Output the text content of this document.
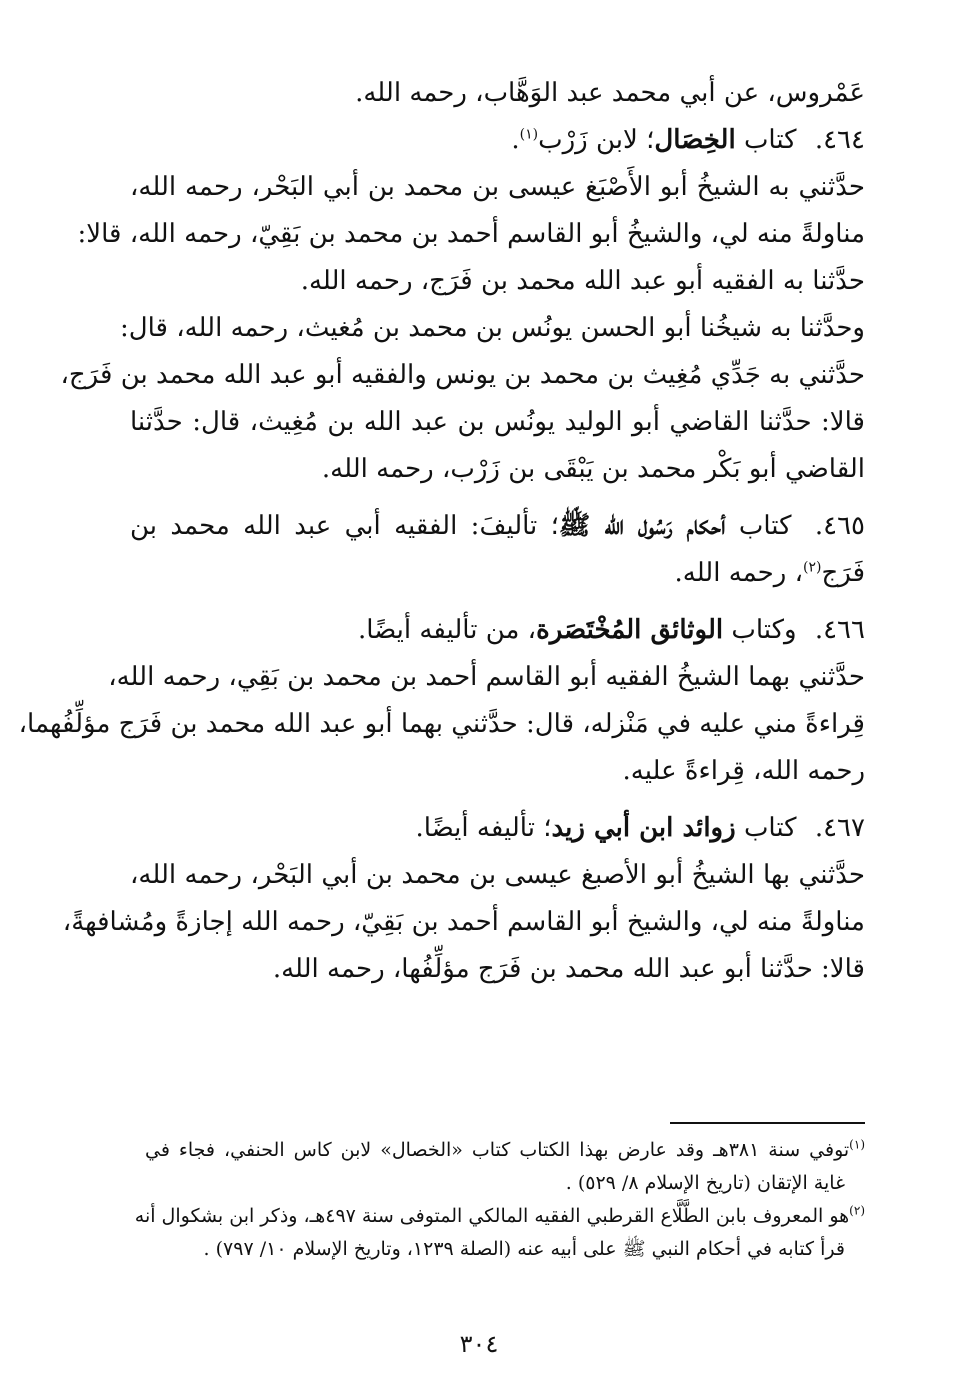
عَمْروس، عن أبي محمد عبد الوَهَّاب، رحمه الله.
٤٦٤. كتاب الخِصَال؛ لابن زَرْب$^{(١)}$.
حدَّثني به الشيخُ أبو الأَصْبَغ عيسى بن محمد بن أبي البَحْر، رحمه الله،
مناولةً منه لي، والشيخُ أبو القاسم أحمد بن محمد بن بَقِيّ، رحمه الله، قالا:
حدَّثنا به الفقيه أبو عبد الله محمد بن فَرَج، رحمه الله.
وحدَّثنا به شيخُنا أبو الحسن يونُس بن محمد بن مُغيث، رحمه الله، قال:
حدَّثني به جَدِّي مُغِيث بن محمد بن يونس والفقيه أبو عبد الله محمد بن فَرَج،
قالا: حدَّثنا القاضي أبو الوليد يونُس بن عبد الله بن مُغِيث، قال: حدَّثنا
القاضي أبو بَكْر محمد بن يَبْقَى بن زَرْب، رحمه الله.
٤٦٥. كتاب أحكام رَسُول الله ﷺ؛ تأليفَ: الفقيه أبي عبد الله محمد بن
فَرَج$^{(٢)}$، رحمه الله.
٤٦٦. وكتاب الوثائق المُخْتَصَرة، من تأليفه أيضًا.
حدَّثني بهما الشيخُ الفقيه أبو القاسم أحمد بن محمد بن بَقِي، رحمه الله،
قِراءةً مني عليه في مَنْزله، قال: حدَّثني بهما أبو عبد الله محمد بن فَرَج مؤلِّفُهما،
رحمه الله، قِراءةً عليه.
٤٦٧. كتاب زوائد ابن أبي زيد؛ تأليفه أيضًا.
حدَّثني بها الشيخُ أبو الأصبغ عيسى بن محمد بن أبي البَحْر، رحمه الله،
مناولةً منه لي، والشيخ أبو القاسم أحمد بن بَقِيّ، رحمه الله إجازةً ومُشافهةً،
قالا: حدَّثنا أبو عبد الله محمد بن فَرَج مؤلِّفُها، رحمه الله.
$^{(١)}$توفي سنة ٣٨١هـ وقد عارض بهذا الكتاب كتاب «الخصال» لابن كاس الحنفي، فجاء في
غاية الإتقان (تاريخ الإسلام ٨/ ٥٢٩) .
$^{(٢)}$هو المعروف بابن الطَّلَّاع القرطبي الفقيه المالكي المتوفى سنة ٤٩٧هـ، وذكر ابن بشكوال أنه
قرأ كتابه في أحكام النبي ﷺ على أبيه عنه (الصلة ١٢٣٩، وتاريخ الإسلام ١٠/ ٧٩٧) .
٣٠٤
